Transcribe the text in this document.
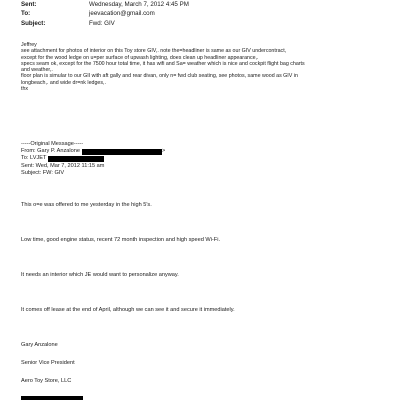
Sent:	Wednesday, March 7, 2012 4:45 PM
To:	jeevacation@gmail.com
Subject:	Fwd: GIV
Jeffrey
see attachment for photos of interior on this Toy store GIV,. note the=headliner is same as our GIV undercontract,
except for the wood ledge on u=per surface of upwash lighting, does clean up headliner appearance,.
specs seam ok, except for the 7500 hour total time, it has wifi and Sa= weather which is nice and cockpit flight bag charts
and weather,.
floor plan is simular to our GII with aft gally and rear divan, only n= fwd club seating, see photos, same wood as GIV in
longbeach,. and wide dr=nk ledges,.
thx
-----Original Message-----
From: Gary P. Anzalone	>
To: LVJET
Sent: Wed, Mar 7, 2012 11:15 am
Subject: FW: GIV
This o=e was offered to me yesterday in the high 5's.
Low time, good engine status, recent 72 month inspection and high speed Wi-Fi.
It needs an interior which JE would want to personalize anyway.
It comes off lease at the end of April, although we can see it and secure it immediately.
Gary Anzalone
Senior Vice President
Aero Toy Store, LLC
